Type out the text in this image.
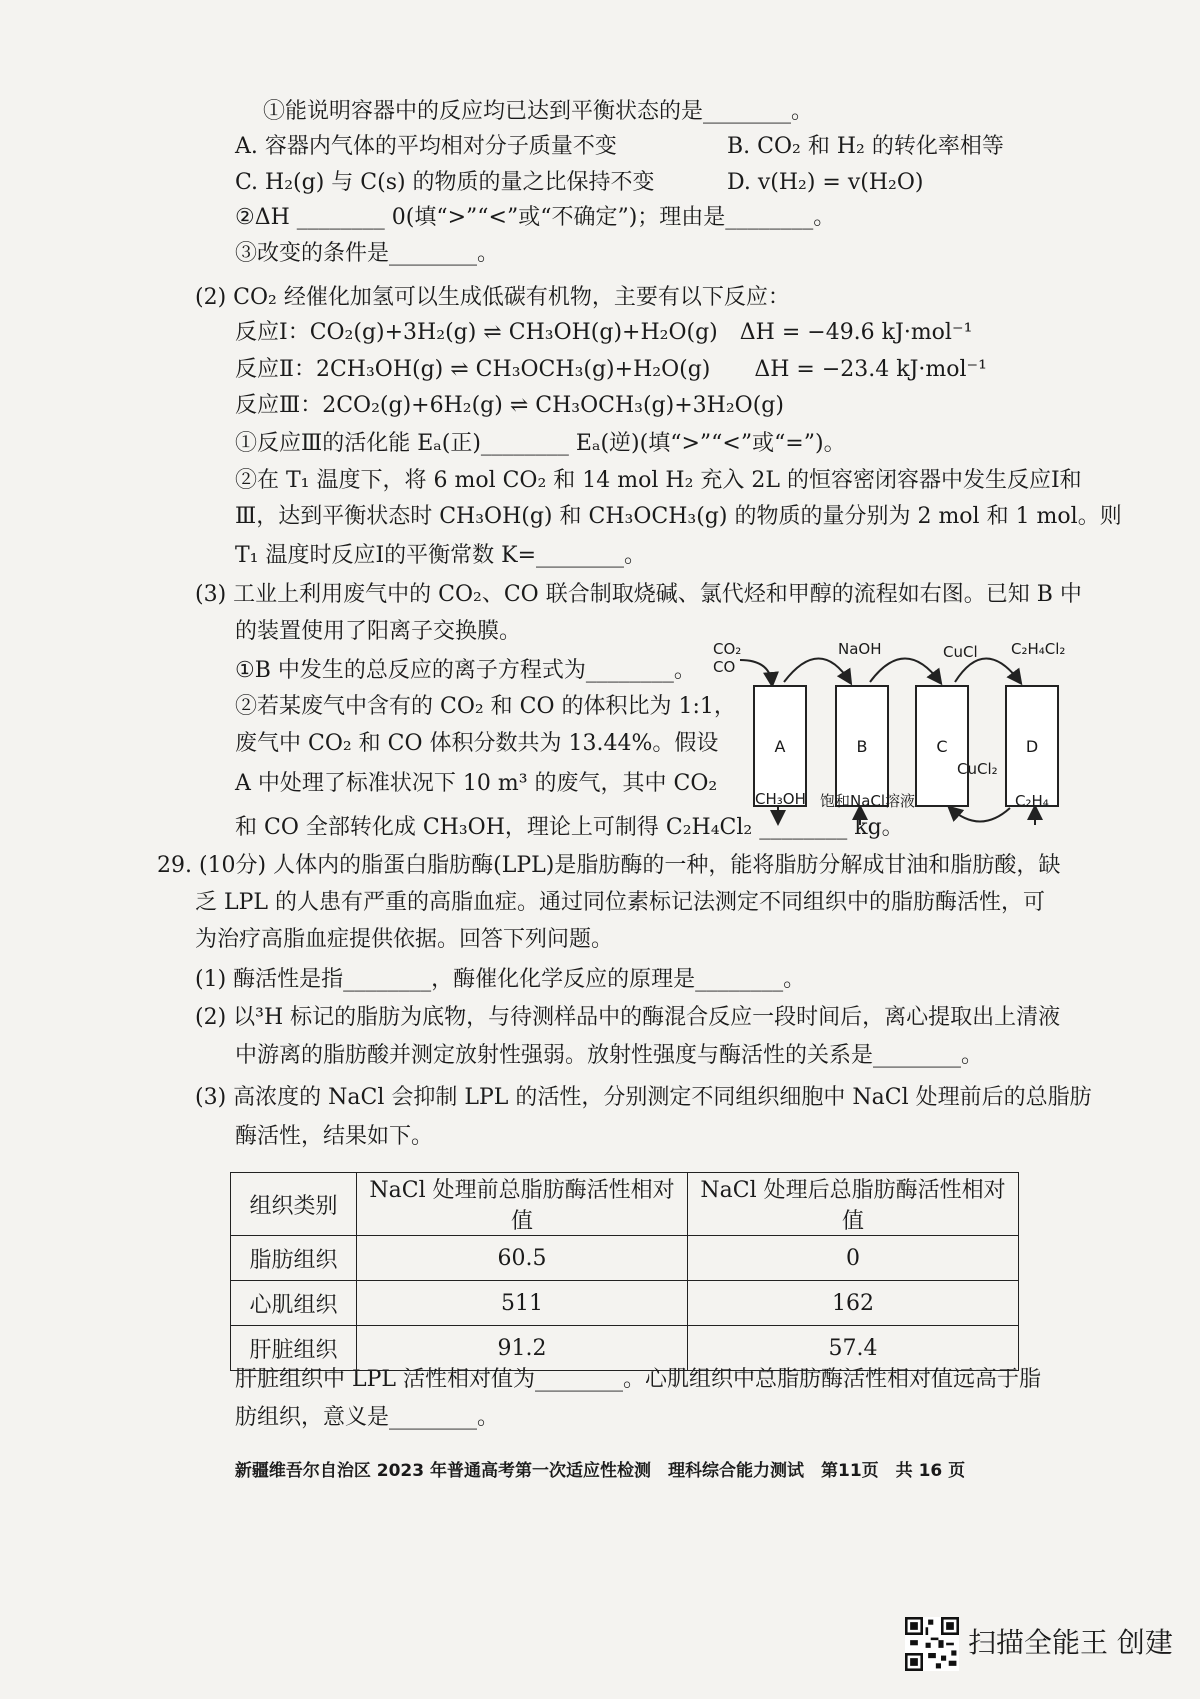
①能说明容器中的反应均已达到平衡状态的是________。
A. 容器内气体的平均相对分子质量不变	B. CO₂ 和 H₂ 的转化率相等
C. H₂(g) 与 C(s) 的物质的量之比保持不变	D. v(H₂) = v(H₂O)
②ΔH ________ 0(填“>”“<”或“不确定”)；理由是________。
③改变的条件是________。
(2) CO₂ 经催化加氢可以生成低碳有机物，主要有以下反应：
反应Ⅰ：CO₂(g)+3H₂(g) ⇌ CH₃OH(g)+H₂O(g)　ΔH = −49.6 kJ·mol⁻¹
反应Ⅱ：2CH₃OH(g) ⇌ CH₃OCH₃(g)+H₂O(g)　　ΔH = −23.4 kJ·mol⁻¹
反应Ⅲ：2CO₂(g)+6H₂(g) ⇌ CH₃OCH₃(g)+3H₂O(g)
①反应Ⅲ的活化能 Eₐ(正)________ Eₐ(逆)(填“>”“<”或“=”)。
②在 T₁ 温度下，将 6 mol CO₂ 和 14 mol H₂ 充入 2L 的恒容密闭容器中发生反应Ⅰ和
Ⅲ，达到平衡状态时 CH₃OH(g) 和 CH₃OCH₃(g) 的物质的量分别为 2 mol 和 1 mol。则
T₁ 温度时反应Ⅰ的平衡常数 K=________。
(3) 工业上利用废气中的 CO₂、CO 联合制取烧碱、氯代烃和甲醇的流程如右图。已知 B 中
的装置使用了阳离子交换膜。
①B 中发生的总反应的离子方程式为________。
②若某废气中含有的 CO₂ 和 CO 的体积比为 1:1，
废气中 CO₂ 和 CO 体积分数共为 13.44%。假设
A 中处理了标准状况下 10 m³ 的废气，其中 CO₂
和 CO 全部转化成 CH₃OH，理论上可制得 C₂H₄Cl₂ ________ kg。
29. (10分) 人体内的脂蛋白脂肪酶(LPL)是脂肪酶的一种，能将脂肪分解成甘油和脂肪酸，缺
乏 LPL 的人患有严重的高脂血症。通过同位素标记法测定不同组织中的脂肪酶活性，可
为治疗高脂血症提供依据。回答下列问题。
(1) 酶活性是指________，酶催化化学反应的原理是________。
(2) 以³H 标记的脂肪为底物，与待测样品中的酶混合反应一段时间后，离心提取出上清液
中游离的脂肪酸并测定放射性强弱。放射性强度与酶活性的关系是________。
(3) 高浓度的 NaCl 会抑制 LPL 的活性，分别测定不同组织细胞中 NaCl 处理前后的总脂肪
酶活性，结果如下。
肝脏组织中 LPL 活性相对值为________。心肌组织中总脂肪酶活性相对值远高于脂
肪组织，意义是________。
组织类别	NaCl 处理前总脂肪酶活性相对值	NaCl 处理后总脂肪酶活性相对值
脂肪组织	60.5	0
心肌组织	511	162
肝脏组织	91.2	57.4
A	B	C	D
CO₂
CO
NaOH	CuCl C₂H₄Cl₂
CH₃OH 饱和NaCl溶液
CuCl₂
C₂H₄
新疆维吾尔自治区 2023 年普通高考第一次适应性检测　理科综合能力测试　第11页　共 16 页
扫描全能王 创建
